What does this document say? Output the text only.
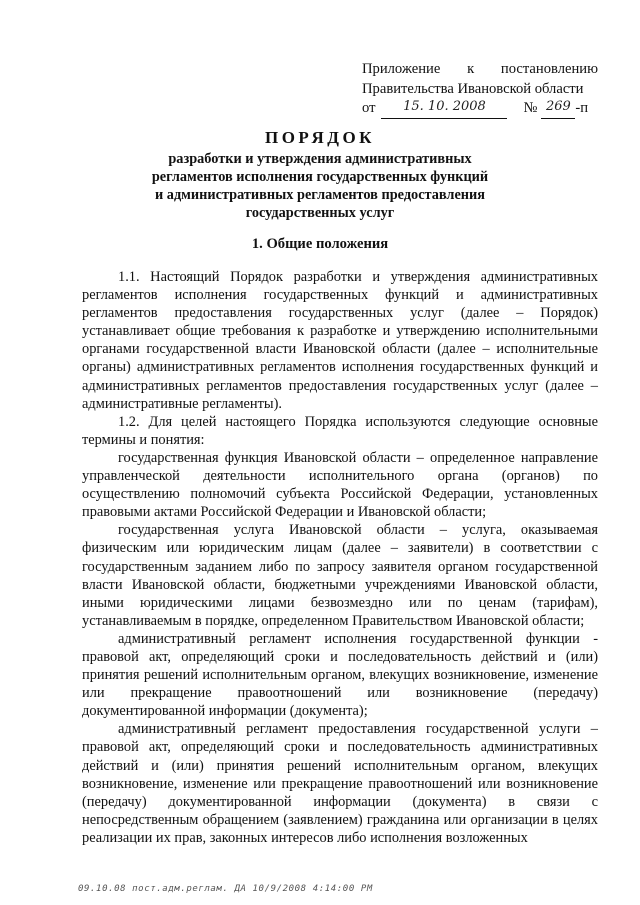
Приложение к постановлению
Правительства Ивановской области
от	15. 10. 2008	№ 269 -п
ПОРЯДОК
разработки и утверждения административных
регламентов исполнения государственных функций
и административных регламентов предоставления
государственных услуг
1. Общие положения

1.1. Настоящий Порядок разработки и утверждения административных регламентов исполнения государственных функций и административных регламентов предоставления государственных услуг (далее – Порядок) устанавливает общие требования к разработке и утверждению исполнительными органами государственной власти Ивановской области (далее – исполнительные органы) административных регламентов исполнения государственных функций и административных регламентов предоставления государственных услуг (далее – административные регламенты).

1.2. Для целей настоящего Порядка используются следующие основные термины и понятия:

государственная функция Ивановской области – определенное направление управленческой деятельности исполнительного органа (органов) по осуществлению полномочий субъекта Российской Федерации, установленных правовыми актами Российской Федерации и Ивановской области;

государственная услуга Ивановской области – услуга, оказываемая физическим или юридическим лицам (далее – заявители) в соответствии с государственным заданием либо по запросу заявителя органом государственной власти Ивановской области, бюджетными учреждениями Ивановской области, иными юридическими лицами безвозмездно или по ценам (тарифам), устанавливаемым в порядке, определенном Правительством Ивановской области;

административный регламент исполнения государственной функции - правовой акт, определяющий сроки и последовательность действий и (или) принятия решений исполнительным органом, влекущих возникновение, изменение или прекращение правоотношений или возникновение (передачу) документированной информации (документа);

административный регламент предоставления государственной услуги – правовой акт, определяющий сроки и последовательность административных действий и (или) принятия решений исполнительным органом, влекущих возникновение, изменение или прекращение правоотношений или возникновение (передачу) документированной информации (документа) в связи с непосредственным обращением (заявлением) гражданина или организации в целях реализации их прав, законных интересов либо исполнения возложенных

09.10.08 пост.адм.реглам. ДА 10/9/2008 4:14:00 PM
